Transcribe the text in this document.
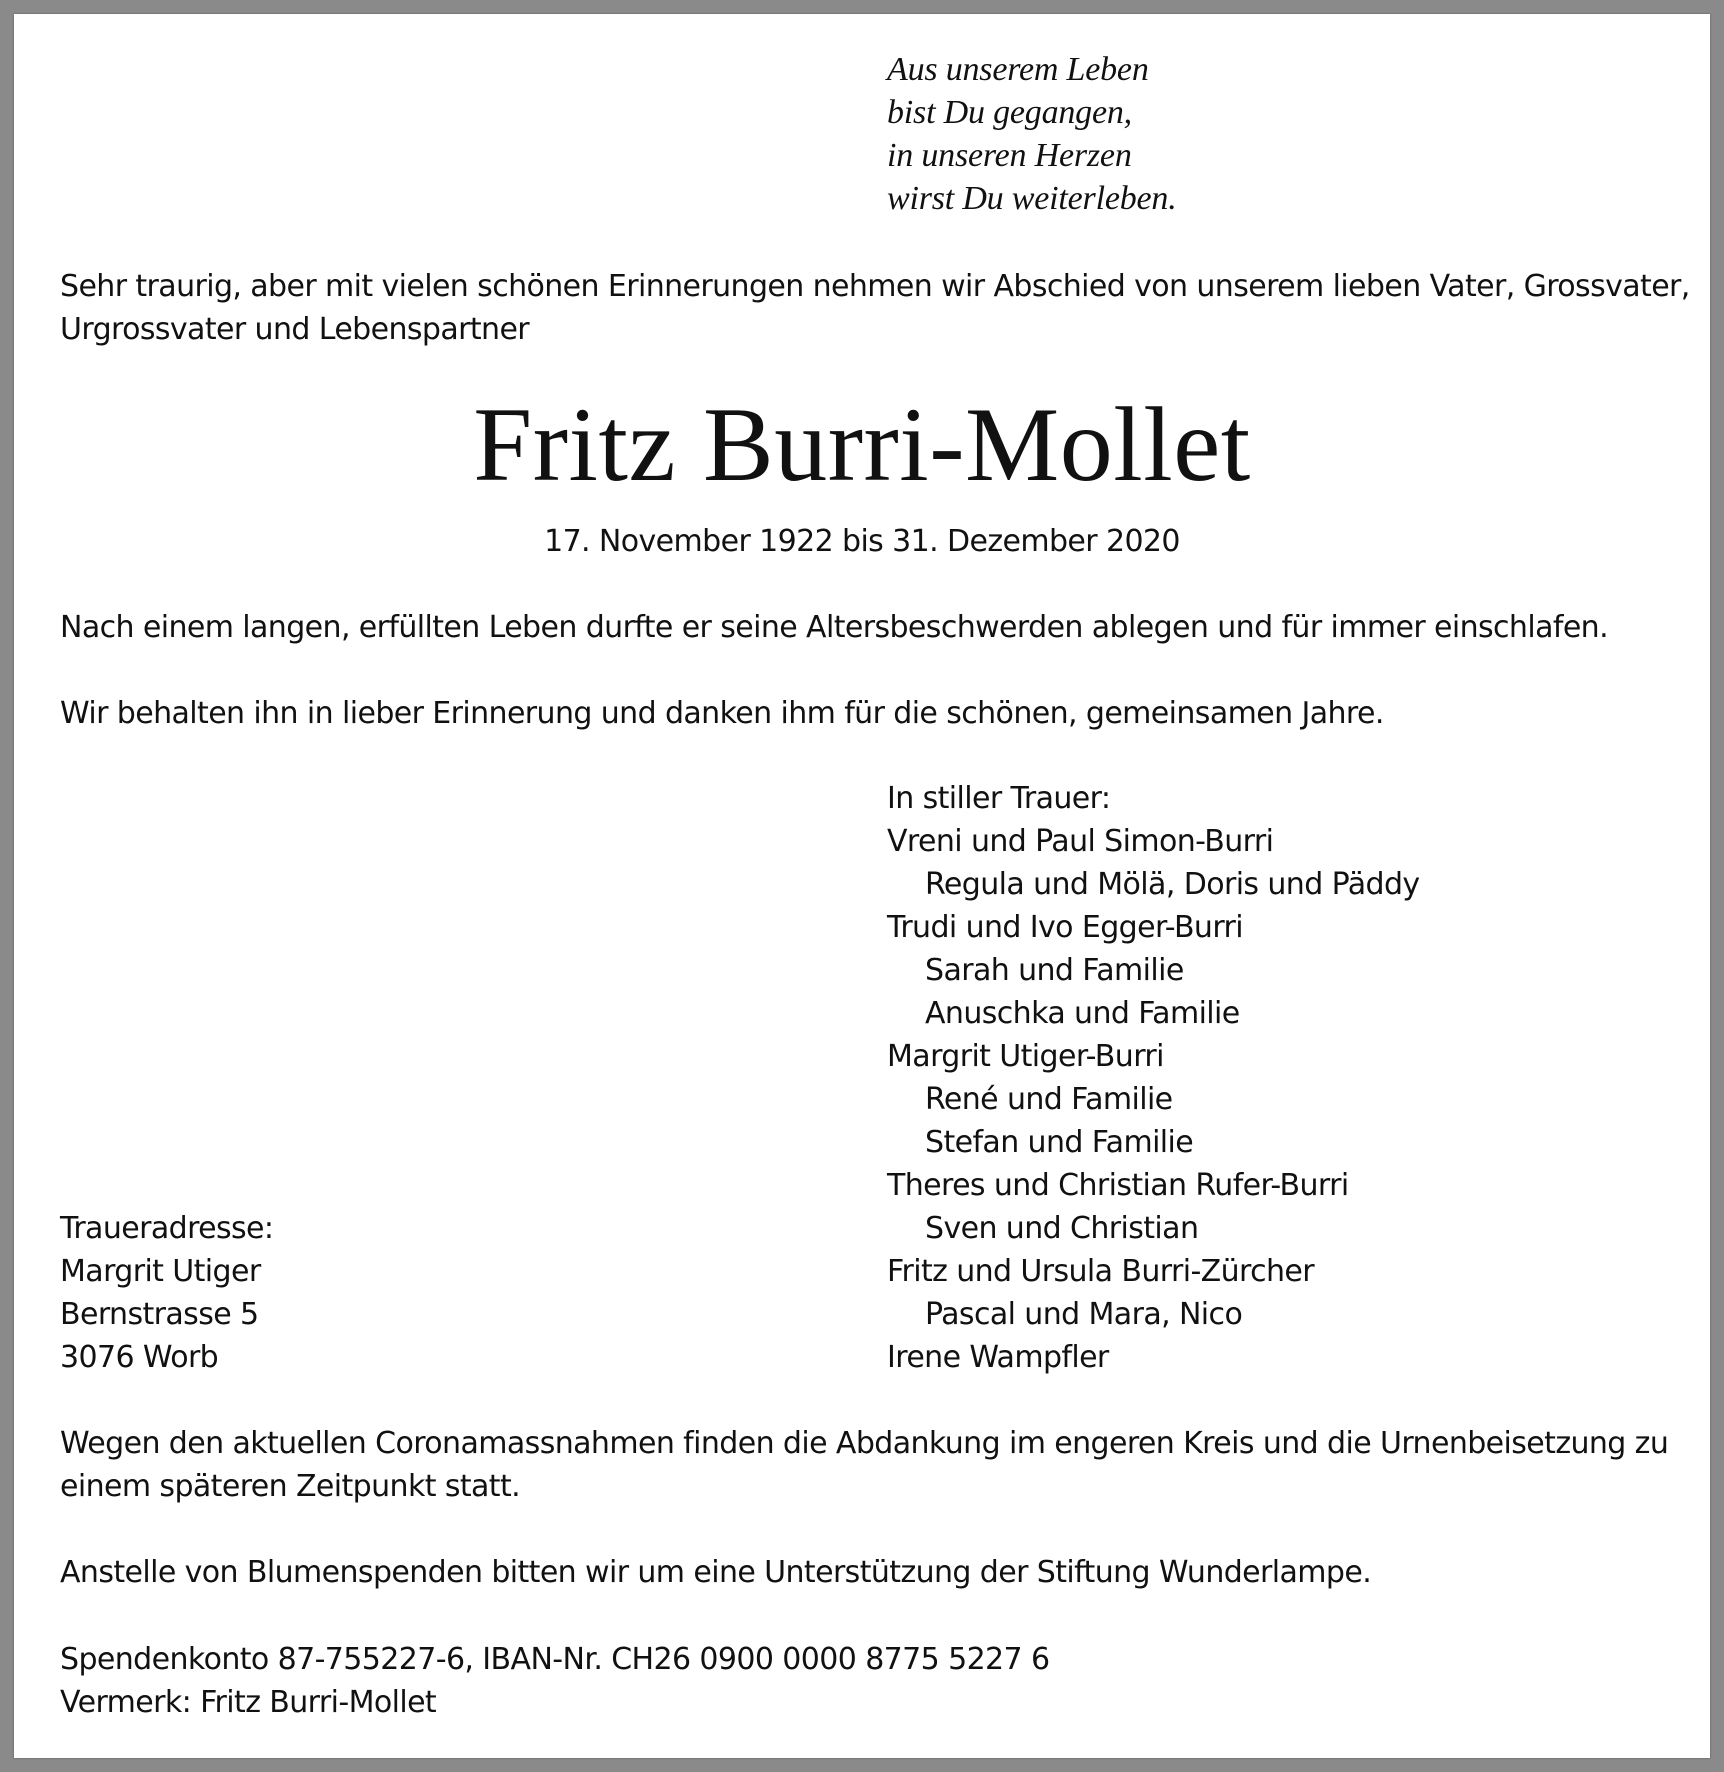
Aus unserem Leben
bist Du gegangen,
in unseren Herzen
wirst Du weiterleben.
Sehr traurig, aber mit vielen schönen Erinnerungen nehmen wir Abschied von unserem lieben Vater, Grossvater,
Urgrossvater und Lebenspartner
Fritz Burri-Mollet
17. November 1922 bis 31. Dezember 2020
Nach einem langen, erfüllten Leben durfte er seine Altersbeschwerden ablegen und für immer einschlafen.
Wir behalten ihn in lieber Erinnerung und danken ihm für die schönen, gemeinsamen Jahre.
In stiller Trauer:
Vreni und Paul Simon-Burri
Regula und Mölä, Doris und Päddy
Trudi und Ivo Egger-Burri
Sarah und Familie
Anuschka und Familie
Margrit Utiger-Burri
René und Familie
Stefan und Familie
Theres und Christian Rufer-Burri
Sven und Christian
Fritz und Ursula Burri-Zürcher
Pascal und Mara, Nico
Irene Wampfler
Traueradresse:
Margrit Utiger
Bernstrasse 5
3076 Worb
Wegen den aktuellen Coronamassnahmen finden die Abdankung im engeren Kreis und die Urnenbeisetzung zu
einem späteren Zeitpunkt statt.
Anstelle von Blumenspenden bitten wir um eine Unterstützung der Stiftung Wunderlampe.
Spendenkonto 87-755227-6, IBAN-Nr. CH26 0900 0000 8775 5227 6
Vermerk: Fritz Burri-Mollet
